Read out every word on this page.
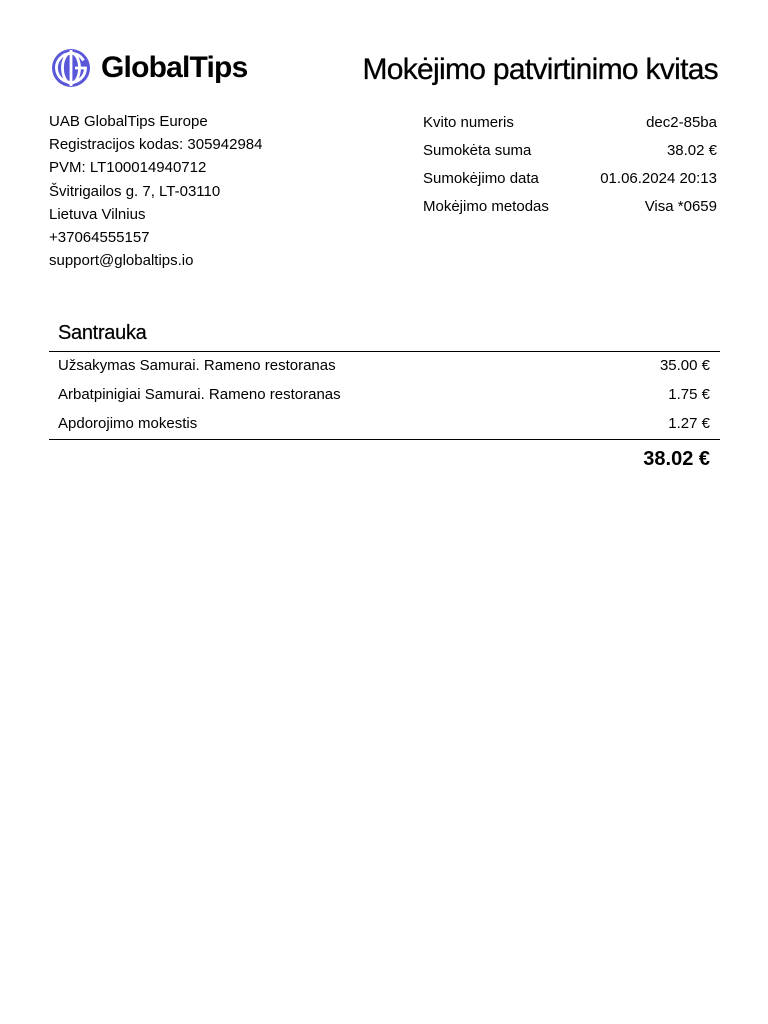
GlobalTips	Mokėjimo patvirtinimo kvitas
UAB GlobalTips Europe
Registracijos kodas: 305942984
PVM: LT100014940712
Švitrigailos g. 7, LT-03110
Lietuva Vilnius
+37064555157
support@globaltips.io
Kvito numeris	dec2-85ba
Sumokėta suma	38.02 €
Sumokėjimo data	01.06.2024 20:13
Mokėjimo metodas	Visa *0659
Santrauka
Užsakymas Samurai. Rameno restoranas	35.00 €
Arbatpinigiai Samurai. Rameno restoranas	1.75 €
Apdorojimo mokestis	1.27 €
38.02 €
